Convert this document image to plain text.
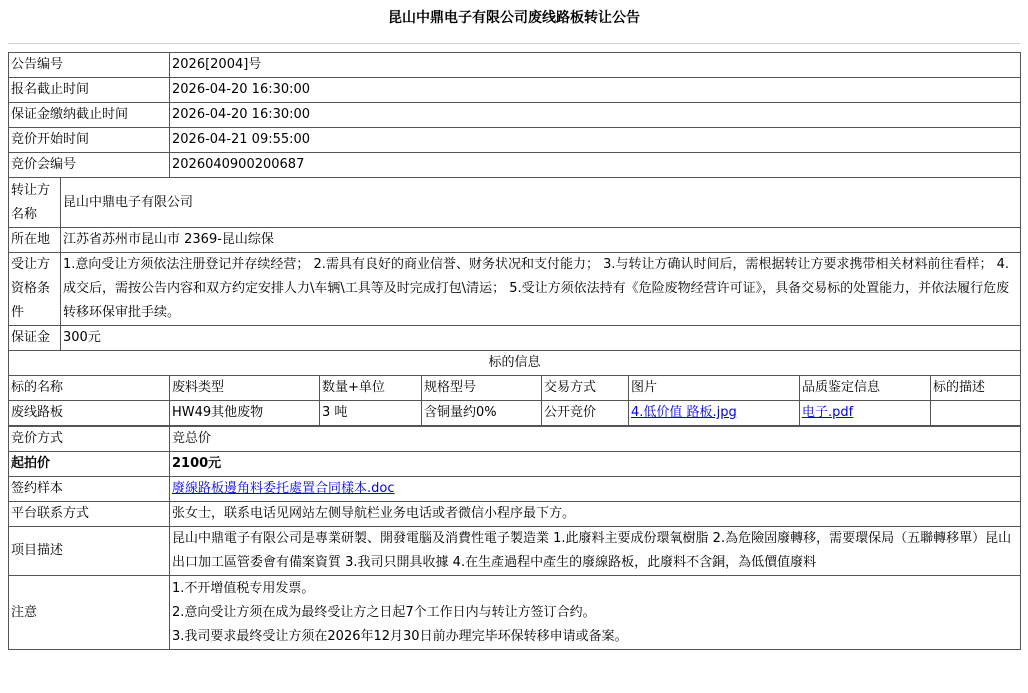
昆山中鼎电子有限公司废线路板转让公告
公告编号	2026[2004]号
报名截止时间	2026-04-20 16:30:00
保证金缴纳截止时间	2026-04-20 16:30:00
竞价开始时间	2026-04-21 09:55:00
竞价会编号	2026040900200687
转让方名称	昆山中鼎电子有限公司
所在地	江苏省苏州市昆山市 2369-昆山综保
受让方资格条件	1.意向受让方须依法注册登记并存续经营； 2.需具有良好的商业信誉、财务状况和支付能力； 3.与转让方确认时间后，需根据转让方要求携带相关材料前往看样； 4.成交后，需按公告内容和双方约定安排人力\车辆\工具等及时完成打包\清运； 5.受让方须依法持有《危险废物经营许可证》，具备交易标的处置能力，并依法履行危废转移环保审批手续。
保证金	300元
标的信息							
标的名称	废料类型	数量+单位	规格型号	交易方式	图片	品质鉴定信息	标的描述
废线路板	HW49其他废物	3 吨	含铜量约0%	公开竞价	4.低价值 路板.jpg	电子.pdf	
竞价方式	竞总价
起拍价	2100元
签约样本	廢線路板邊角料委托處置合同樣本.doc
平台联系方式	张女士，联系电话见网站左侧导航栏业务电话或者微信小程序最下方。
项目描述	昆山中鼎電子有限公司是專業研製、開發電腦及消費性電子製造業 1.此廢料主要成份環氧樹脂 2.為危險固廢轉移，需要環保局（五聯轉移單）昆山出口加工區管委會有備案資質 3.我司只開具收據 4.在生產過程中產生的廢線路板，此廢料不含銅，為低價值廢料
注意	1.不开增值税专用发票。
2.意向受让方须在成为最终受让方之日起7个工作日内与转让方签订合约。
3.我司要求最终受让方须在2026年12月30日前办理完毕环保转移申请或备案。
